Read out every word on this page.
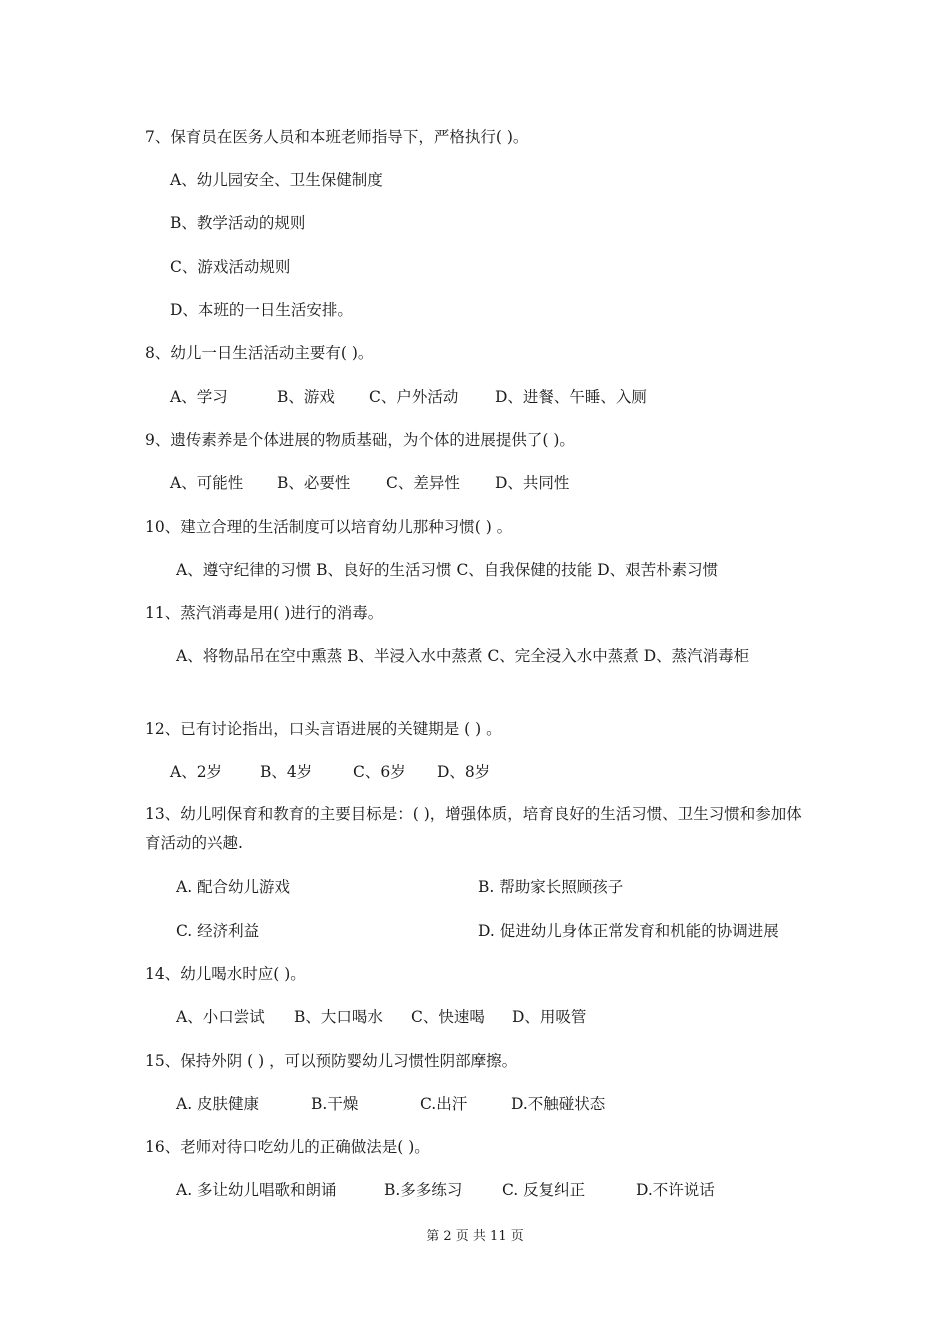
7、保育员在医务人员和本班老师指导下，严格执行( )。
A、幼儿园安全、卫生保健制度
B、教学活动的规则
C、游戏活动规则
D、本班的一日生活安排。
8、幼儿一日生活活动主要有( )。
A、学习	B、游戏	C、户外活动	D、进餐、午睡、入厕
9、遗传素养是个体进展的物质基础，为个体的进展提供了( )。
A、可能性	B、必要性	C、差异性	D、共同性
10、建立合理的生活制度可以培育幼儿那种习惯( ) 。
A、遵守纪律的习惯 B、良好的生活习惯 C、自我保健的技能 D、艰苦朴素习惯
11、蒸汽消毒是用( )进行的消毒。
A、将物品吊在空中熏蒸 B、半浸入水中蒸煮 C、完全浸入水中蒸煮 D、蒸汽消毒柜
12、已有讨论指出，口头言语进展的关键期是 ( ) 。
A、2岁	B、4岁	C、6岁	D、8岁
13、幼儿吲保育和教育的主要目标是：( )，增强体质，培育良好的生活习惯、卫生习惯和参加体育活动的兴趣.
A. 配合幼儿游戏	B. 帮助家长照顾孩子
C. 经济利益	D. 促进幼儿身体正常发育和机能的协调进展
14、幼儿喝水时应( )。
A、小口尝试	B、大口喝水	C、快速喝	D、用吸管
15、保持外阴 ( ) ，可以预防婴幼儿习惯性阴部摩擦。
A. 皮肤健康	B.干燥	C.出汗	D.不触碰状态
16、老师对待口吃幼儿的正确做法是( )。
A. 多让幼儿唱歌和朗诵	B.多多练习	C. 反复纠正	D.不许说话
第 2 页 共 11 页
